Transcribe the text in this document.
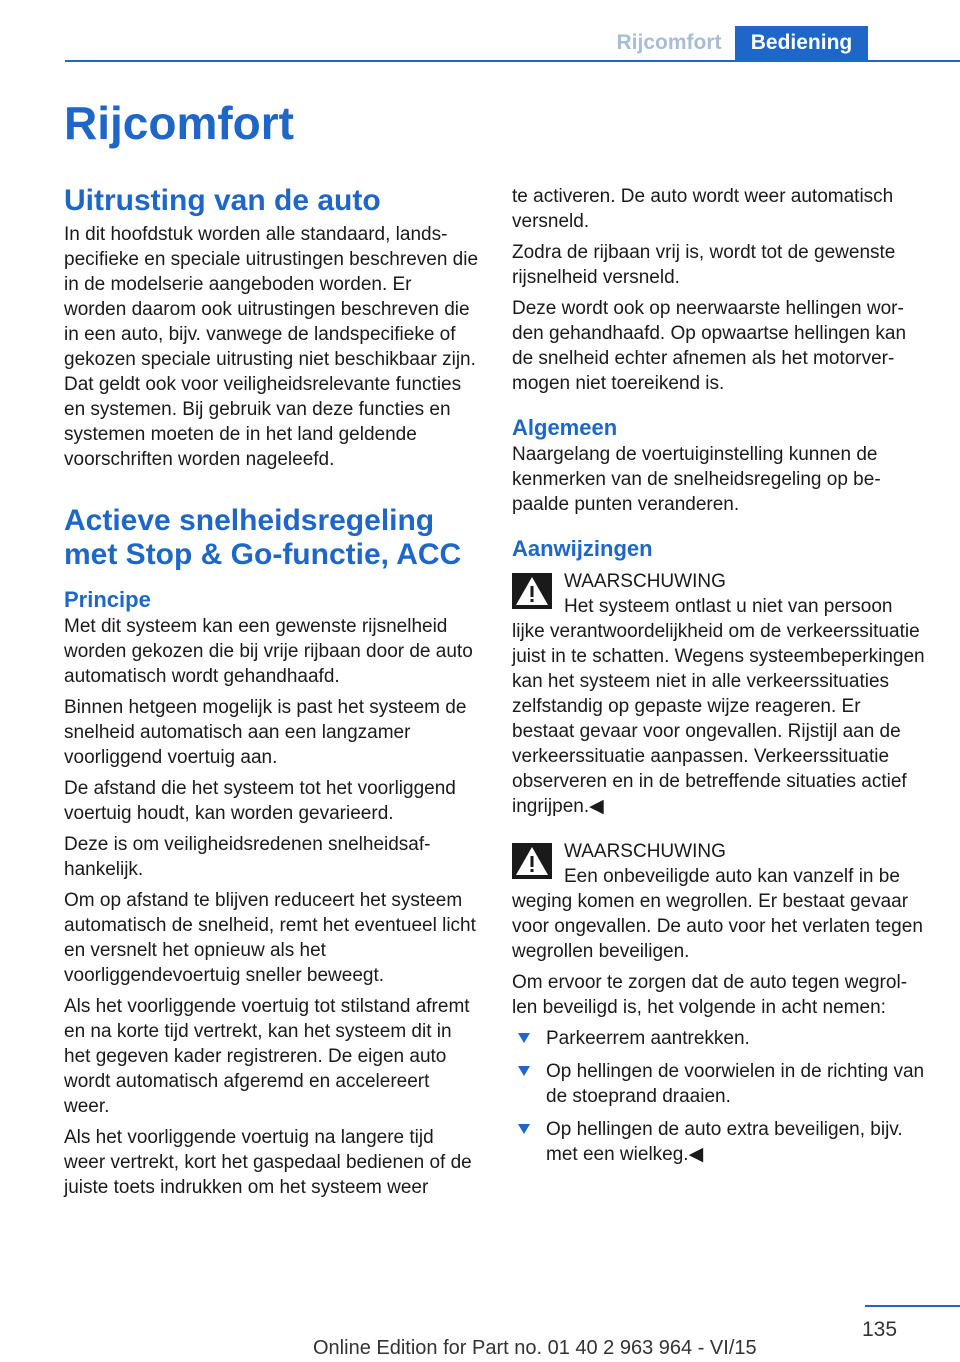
Rijcomfort	Bediening
Rijcomfort
Uitrusting van de auto

In dit hoofdstuk worden alle standaard, landspecifieke en speciale uitrustingen beschreven die in de modelserie aangeboden worden. Er worden daarom ook uitrustingen beschreven die in een auto, bijv. vanwege de landspecifieke of gekozen speciale uitrusting niet beschikbaar zijn. Dat geldt ook voor veiligheidsrelevante functies en systemen. Bij gebruik van deze functies en systemen moeten de in het land geldende voorschriften worden nageleefd.

Actieve snelheidsregeling met Stop & Go-functie, ACC
Principe

Met dit systeem kan een gewenste rijsnelheid worden gekozen die bij vrije rijbaan door de auto automatisch wordt gehandhaafd.

Binnen hetgeen mogelijk is past het systeem de snelheid automatisch aan een langzamer voorliggend voertuig aan.

De afstand die het systeem tot het voorliggend voertuig houdt, kan worden gevarieerd.

Deze is om veiligheidsredenen snelheidsafhankelijk.

Om op afstand te blijven reduceert het systeem automatisch de snelheid, remt het eventueel licht en versnelt het opnieuw als het voorliggendevoertuig sneller beweegt.

Als het voorliggende voertuig tot stilstand afremt en na korte tijd vertrekt, kan het systeem dit in het gegeven kader registreren. De eigen auto wordt automatisch afgeremd en accelereert weer.

Als het voorliggende voertuig na langere tijd weer vertrekt, kort het gaspedaal bedienen of de juiste toets indrukken om het systeem weer

te activeren. De auto wordt weer automatisch versneld.

Zodra de rijbaan vrij is, wordt tot de gewenste rijsnelheid versneld.

Deze wordt ook op neerwaarste hellingen worden gehandhaafd. Op opwaartse hellingen kan de snelheid echter afnemen als het motorvermogen niet toereikend is.

Algemeen

Naargelang de voertuiginstelling kunnen de kenmerken van de snelheidsregeling op bepaalde punten veranderen.

Aanwijzingen

WAARSCHUWING

Het systeem ontlast u niet van persoon

lijke verantwoordelijkheid om de verkeerssituatie juist in te schatten. Wegens systeembeperkingen kan het systeem niet in alle verkeerssituaties zelfstandig op gepaste wijze reageren. Er bestaat gevaar voor ongevallen. Rijstijl aan de verkeerssituatie aanpassen. Verkeerssituatie observeren en in de betreffende situaties actief ingrijpen.◀

WAARSCHUWING

Een onbeveiligde auto kan vanzelf in be

weging komen en wegrollen. Er bestaat gevaar voor ongevallen. De auto voor het verlaten tegen wegrollen beveiligen.

Om ervoor te zorgen dat de auto tegen wegrollen beveiligd is, het volgende in acht nemen:

Parkeerrem aantrekken.
Op hellingen de voorwielen in de richting van de stoeprand draaien.
Op hellingen de auto extra beveiligen, bijv. met een wielkeg.◀
135
Online Edition for Part no. 01 40 2 963 964 - VI/15
